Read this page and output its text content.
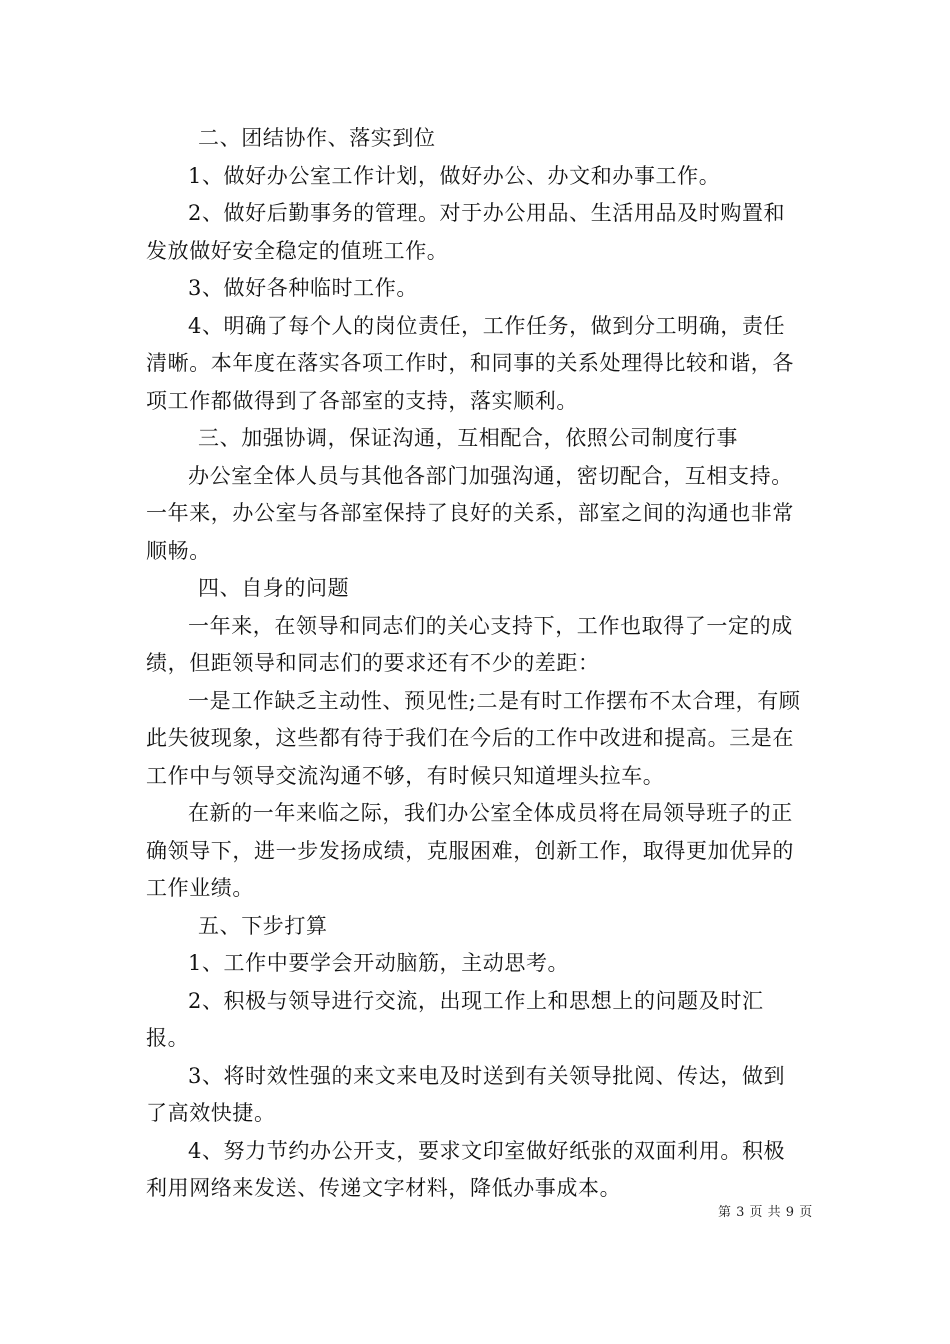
二、团结协作、落实到位

1、做好办公室工作计划，做好办公、办文和办事工作。

2、做好后勤事务的管理。对于办公用品、生活用品及时购置和发放做好安全稳定的值班工作。

3、做好各种临时工作。

4、明确了每个人的岗位责任，工作任务，做到分工明确，责任清晰。本年度在落实各项工作时，和同事的关系处理得比较和谐，各项工作都做得到了各部室的支持，落实顺利。

三、加强协调，保证沟通，互相配合，依照公司制度行事

办公室全体人员与其他各部门加强沟通，密切配合，互相支持。一年来，办公室与各部室保持了良好的关系，部室之间的沟通也非常顺畅。

四、自身的问题

一年来，在领导和同志们的关心支持下，工作也取得了一定的成绩，但距领导和同志们的要求还有不少的差距：

一是工作缺乏主动性、预见性;二是有时工作摆布不太合理，有顾此失彼现象，这些都有待于我们在今后的工作中改进和提高。三是在工作中与领导交流沟通不够，有时候只知道埋头拉车。

在新的一年来临之际，我们办公室全体成员将在局领导班子的正确领导下，进一步发扬成绩，克服困难，创新工作，取得更加优异的工作业绩。

五、下步打算

1、工作中要学会开动脑筋，主动思考。

2、积极与领导进行交流，出现工作上和思想上的问题及时汇报。

3、将时效性强的来文来电及时送到有关领导批阅、传达，做到了高效快捷。

4、努力节约办公开支，要求文印室做好纸张的双面利用。积极利用网络来发送、传递文字材料，降低办事成本。

第 3 页 共 9 页
